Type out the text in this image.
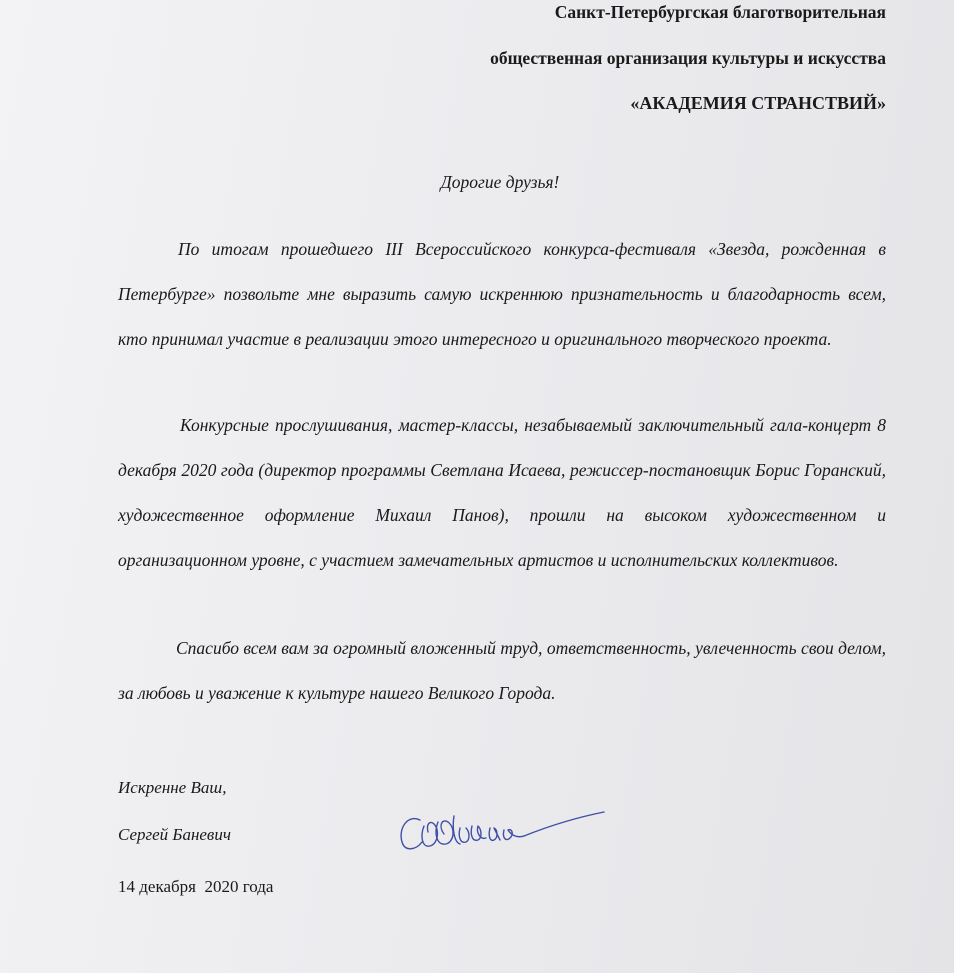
Санкт-Петербургская благотворительная
общественная организация культуры и искусства
«АКАДЕМИЯ СТРАНСТВИЙ»
Дорогие друзья!

По итогам прошедшего III Всероссийского конкурса-фестиваля «Звезда, рожденная в Петербурге» позвольте мне выразить самую искреннюю признательность и благодарность всем, кто принимал участие в реализации этого интересного и оригинального творческого проекта.

Конкурсные прослушивания, мастер-классы, незабываемый заключительный гала-концерт 8 декабря 2020 года (директор программы Светлана Исаева, режиссер-постановщик Борис Горанский, художественное оформление Михаил Панов), прошли на высоком художественном и организационном уровне, с участием замечательных артистов и исполнительских коллективов.

Спасибо всем вам за огромный вложенный труд, ответственность, увлеченность свои делом, за любовь и уважение к культуре нашего Великого Города.

Искренне Ваш,
Сергей Баневич
14 декабря  2020 года
